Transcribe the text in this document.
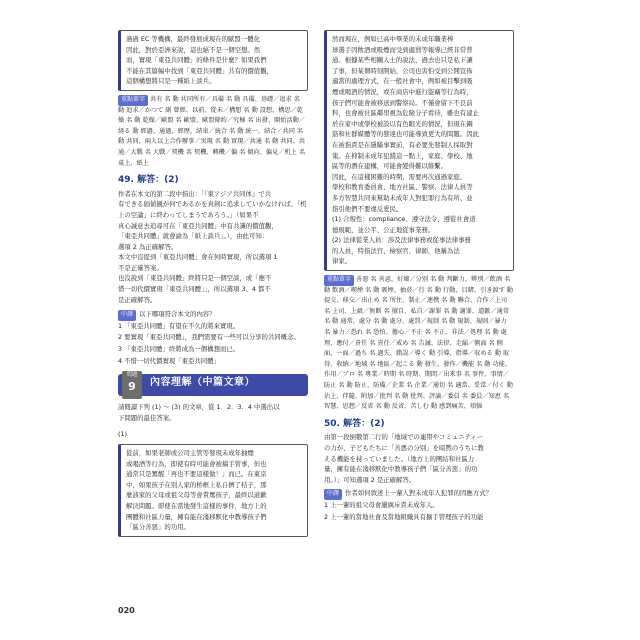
過過 EC 等機構，最終發展成現在的歐盟一體化
因此，對於亞洲來說，這也絕不是一個空想。然
而，實現「東亞共同體」的條件是什麼？如果我們
不能在其篇幅中找到「東亞共同體」共有的價值觀，
這個構想將只是一種紙上談兵。
重點單字 共有 名 動 共同所有／具備 名 動 具備、基礎／追求 名 動 追求／かつて 副 曾經、以前、從未／構想 名 動 設想、構思／乾燥 名 動 乾燥／歐盟 名 歐盟、歐盟條約／究極 名 出發、開始活動／経る 動 經過、通過、經歷，結束／統合 名 動 統一、結合／共同 名 動 共同、兩人以上合作辦事／実現 名 動 實現／共通 名 動 共同、共通／大戰 名 大戰／契機 名 契機、轉機／偏 名 傾向、偏見／机上 名 桌上、紙上
49. 解答：(2)
作者在本文的第二段中指出：「『東アジア共同体』で共
有できる価値観が何であるかを真剣に追求していかなければ、「机上の空論」に終わってしまうであろう。」（如果不
真心誠意去追尋可在「東亞共同體」中有共識的價值觀，
「東亞共同體」就會淪為「紙上談兵」。），由此可知：
選項 2 為正確解答。
本文中沒提到「東亞共同體」會在何時實現，所以選項 1
不是正確答案。
也沒說到「東亞共同體」終將只是一個空談，或「應不
惜一切代價實現「東亞共同體」」，所以選項 3、4 都不
是正確解答。
中譯 以下哪項符合本文的內容？
1 「東亞共同體」有望在不久的將來實現。
2 要實現「東亞共同體」，我們需要有一些可以分享的共同概念。
3 「東亞共同體」終將成為一個構想而已。
4 不惜一切代價實現「東亞共同體」
問題
9	內容理解（中篇文章）
請閱讀下列 (1) ～ (3) 的文章，從 1．2．3．4 中選出以
下問題的最佳答案。
(1)
從前，如果老師或公司主管等發現未成年抽煙
或喝酒等行為，即使有時可能會被搞手管事，但也
通常只是罵醒「再也不要這樣做！」而已。在東京
中，如果孩子在別人家的桥框上私自擠了桔子，那
麼該家的父母或祖父母等會責罵孩子，最終以道歉
解決問題。即使在當地發生這樣的事件，地方上的
團體和社區力量，擁有能在淺移默化中教導孩子們
「區分善惡」的功用。
然而現在，例如已高中畢業的未成年職業棒
球選手因飲酒或吸煙而受到處罰等報導已經非常普
通。根據某些相關人士的說法，過去也只是私下讓
了事，但某個時刻開始，公司也害怕受到公開宣佈
適當的處理方式，在一般社會中，例如被目擊到吸
煙或喝酒的情況，或在商店中進行盜竊等行為時，
孩子們可能會被移送到警察局。不僅會留下不良前
科，也會被社區鄰里視為危險分子看待，雖也有建止
於在家中或學校被設以有色眼光的情況，但現在鋼
筋和社群媒體等的發達也可能導致更大的問題。因此
在被指責是在隱瞞事實前，有必要先發制人採取對
策。在抑制未成年犯錯這一點上，家庭、學校、地
區等的潛在建構，可能會變得難以維繫。
因此，在這樣困難的時期，需要再次通過家庭、
學校和教育委員會、地方社區、警察、法律人員等
多方智慧共同來幫助未成年人對犯罪行為有所、並
指引他們不要違反愛民。
(1) 合規性：compliance、遵守法令，遵從社會道
德規範，並公平、公正地從事業務。
(2) 法律從業人員：涉及法律事務或從事法律事務
的人員，特指法官、檢察官、律師，他稱為法
律家。
重點單字 善悪 名 善惡、好壞／分別 名 動 判斷力、辨別／飲酒 名 動 飲酒／喫煙 名 動 吸煙、抽菸／行 名 動 行動、目睹、引き渡す 動 提交、移交／出止め 名 所住、制止／連携 名 動 聯合、合作／上司 名 上司、上級／無断 名 擅自、私自／謝罪 名 動 謝罪、道歉／通常 名 動 通常、處分 名 動 處分、處罰／規制 名 動 規制、規則／暴力 名 暴力／恐れ 名 恐怕、擔心／不正 名 不正、非法／処理 名 動 處理、應付／責任 名 責任／戒め 名 告誡、法律、走漏／側面 名 側面、一面／過ち 名 過失、錯誤／導く 動 引導、指導／収める 動 取得、收納／地域 名 地區／起こる 動 發生、發作／機能 名 動 功能、作用／プロ 名 專業／時期 名 時期、期間／出来事 名 事件、事情／防止 名 動 防止、防備／企業 名 企業／通切 名 適當、妥當／付く 動 沾上、伴隨、附加／批判 名 動 批判、評論／委員 名 委員／知恵 名 智慧、思想／反省 名 動 反省、苦しむ 動 感到痛苦、煩惱
50. 解答：(2)
由第一段倒數第二行的「地域での連帯やコミュニティー
の力が、子どもたちに「善悪の分別」を暗黙のうちに教
える機能を持っていました。（地方上的團結和社區力
量，擁有能在淺移默化中教導孩子們「區分善惡」的功
用。）」可知選項 2 是正確解答。
中譯 作者如何敘述上一輩人對未成年人犯罪的因應方式？
1 上一輩的祖父母會嚴厲斥責未成年人。
2 上一輩的當地社會及當地組織具有擴手管理孩子的功能
020
